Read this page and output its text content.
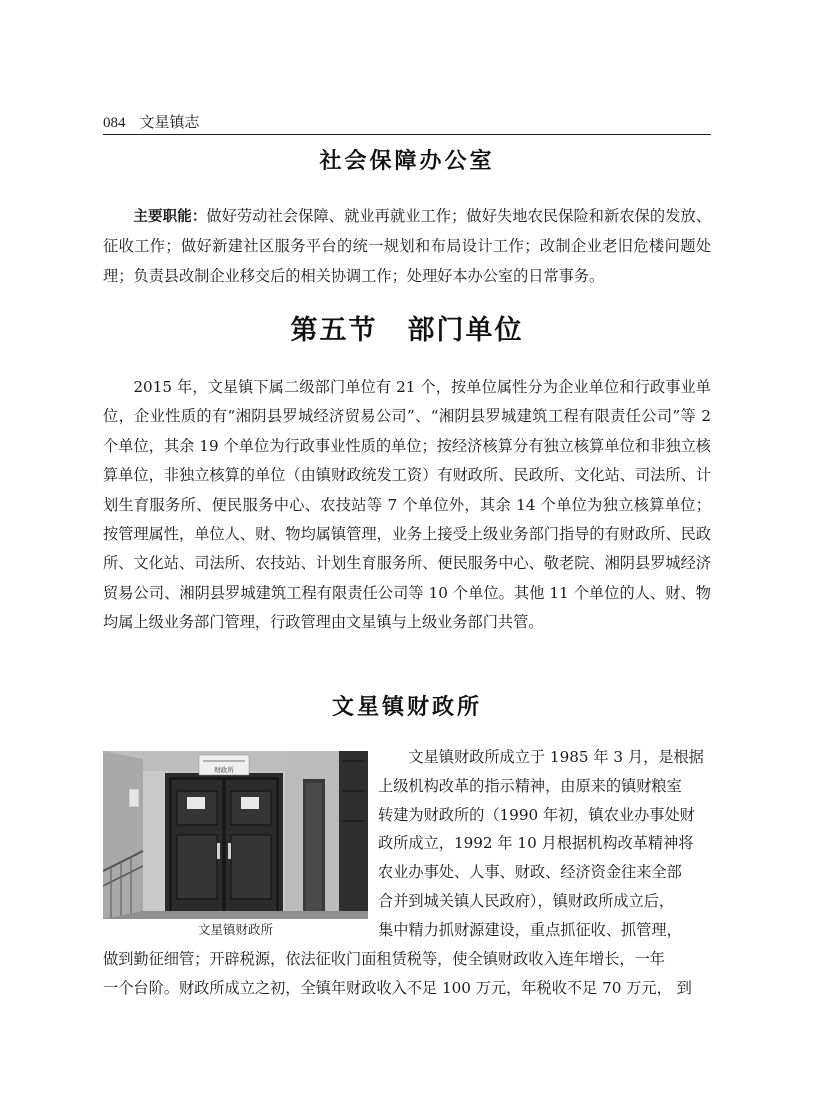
084 文星镇志
社会保障办公室

主要职能：做好劳动社会保障、就业再就业工作；做好失地农民保险和新农保的发放、征收工作；做好新建社区服务平台的统一规划和布局设计工作；改制企业老旧危楼问题处理；负责县改制企业移交后的相关协调工作；处理好本办公室的日常事务。

第五节 部门单位

2015 年，文星镇下属二级部门单位有 21 个，按单位属性分为企业单位和行政事业单位，企业性质的有“湘阴县罗城经济贸易公司”、“湘阴县罗城建筑工程有限责任公司”等 2 个单位，其余 19 个单位为行政事业性质的单位；按经济核算分有独立核算单位和非独立核算单位，非独立核算的单位（由镇财政统发工资）有财政所、民政所、文化站、司法所、计划生育服务所、便民服务中心、农技站等 7 个单位外，其余 14 个单位为独立核算单位；按管理属性，单位人、财、物均属镇管理，业务上接受上级业务部门指导的有财政所、民政所、文化站、司法所、农技站、计划生育服务所、便民服务中心、敬老院、湘阴县罗城经济贸易公司、湘阴县罗城建筑工程有限责任公司等 10 个单位。其他 11 个单位的人、财、物均属上级业务部门管理，行政管理由文星镇与上级业务部门共管。

文星镇财政所
财政所
文星镇财政所
文星镇财政所成立于 1985 年 3 月，是根据
上级机构改革的指示精神，由原来的镇财粮室
转建为财政所的（1990 年初，镇农业办事处财
政所成立，1992 年 10 月根据机构改革精神将
农业办事处、人事、财政、经济资金往来全部
合并到城关镇人民政府），镇财政所成立后，
集中精力抓财源建设，重点抓征收、抓管理，
做到勤征细管；开辟税源，依法征收门面租赁税等，使全镇财政收入连年增长，一年
一个台阶。财政所成立之初，全镇年财政收入不足 100 万元，年税收不足 70 万元， 到
